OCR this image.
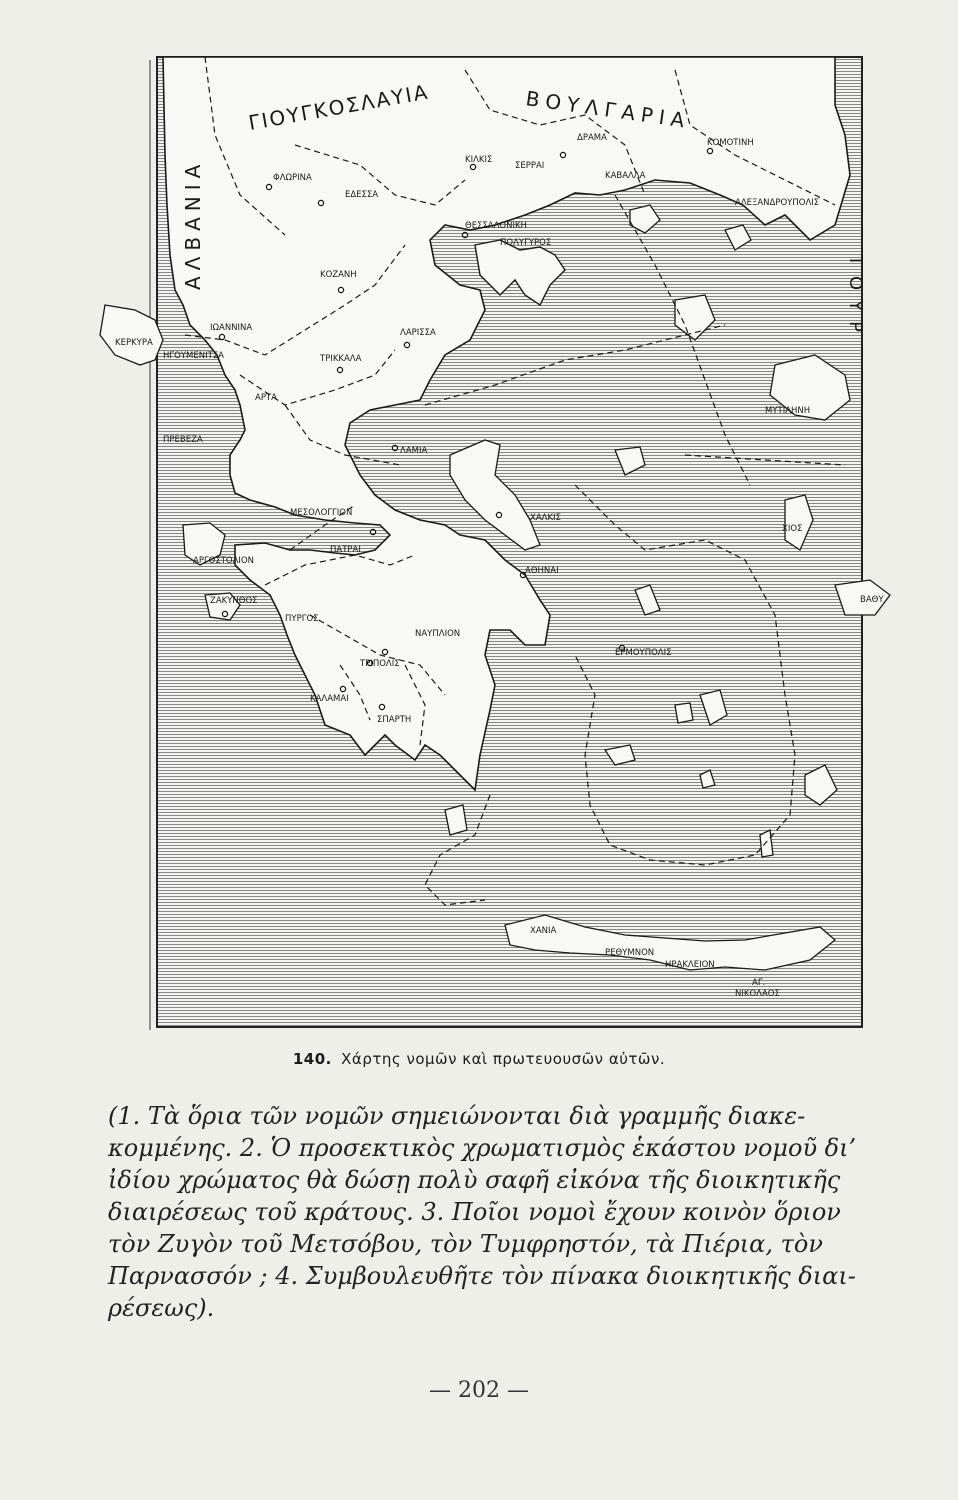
ΓΙΟΥΓΚΟΣΛΑΥΙΑ	ΒΟΥΛΓΑΡΙΑ
ΑΛΒΑΝΙΑ
ΤΟΥΡ
ΔΡΑΜΑ	ΚΟΜΟΤΙΝΗ
ΚΙΛΚΙΣ
ΣΕΡΡΑΙ
ΚΑΒΑΛΛΑ
ΦΛΩΡΙΝΑ
ΕΔΕΣΣΑ
ΑΛΕΞΑΝΔΡΟΥΠΟΛΙΣ
ΘΕΣΣΑΛΟΝΙΚΗ
ΠΟΛΥΓΥΡΟΣ
ΚΟΖΑΝΗ
ΙΩΑΝΝΙΝΑ
ΚΕΡΚΥΡΑ
ΗΓΟΥΜΕΝΙΤΣΑ	ΤΡΙΚΚΑΛΑ
ΛΑΡΙΣΣΑ
ΑΡΤΑ
ΠΡΕΒΕΖΑ
ΛΑΜΙΑ
ΜΥΤΙΛΗΝΗ
ΜΕΣΟΛΟΓΓΙΟΝ	ΧΑΛΚΙΣ
ΧΙΟΣ
ΠΑΤΡΑΙ
ΑΡΓΟΣΤΟΛΙΟΝ
ΑΘΗΝΑΙ
ΖΑΚΥΝΘΟΣ
ΠΥΡΓΟΣ
ΒΑΘΥ
ΝΑΥΠΛΙΟΝ
ΕΡΜΟΥΠΟΛΙΣ
ΤΡΙΠΟΛΙΣ
ΚΑΛΑΜΑΙ
ΣΠΑΡΤΗ
ΧΑΝΙΑ
ΡΕΘΥΜΝΟΝ
ΗΡΑΚΛΕΙΟΝ
ΑΓ.
ΝΙΚΟΛΑΟΣ
140. Χάρτης νομῶν καὶ πρωτευουσῶν αὐτῶν.
(1. Τὰ ὅρια τῶν νομῶν σημειώνονται διὰ γραμμῆς διακε-
κομμένης. 2. Ὁ προσεκτικὸς χρωματισμὸς ἑκάστου νομοῦ δι’
ἰδίου χρώματος θὰ δώσῃ πολὺ σαφῆ εἰκόνα τῆς διοικητικῆς
διαιρέσεως τοῦ κράτους. 3. Ποῖοι νομοὶ ἔχουν κοινὸν ὅριον
τὸν Ζυγὸν τοῦ Μετσόβου, τὸν Τυμφρηστόν, τὰ Πιέρια, τὸν
Παρνασσόν ; 4. Συμβουλευθῆτε τὸν πίνακα διοικητικῆς διαι-
ρέσεως).
— 202 —
